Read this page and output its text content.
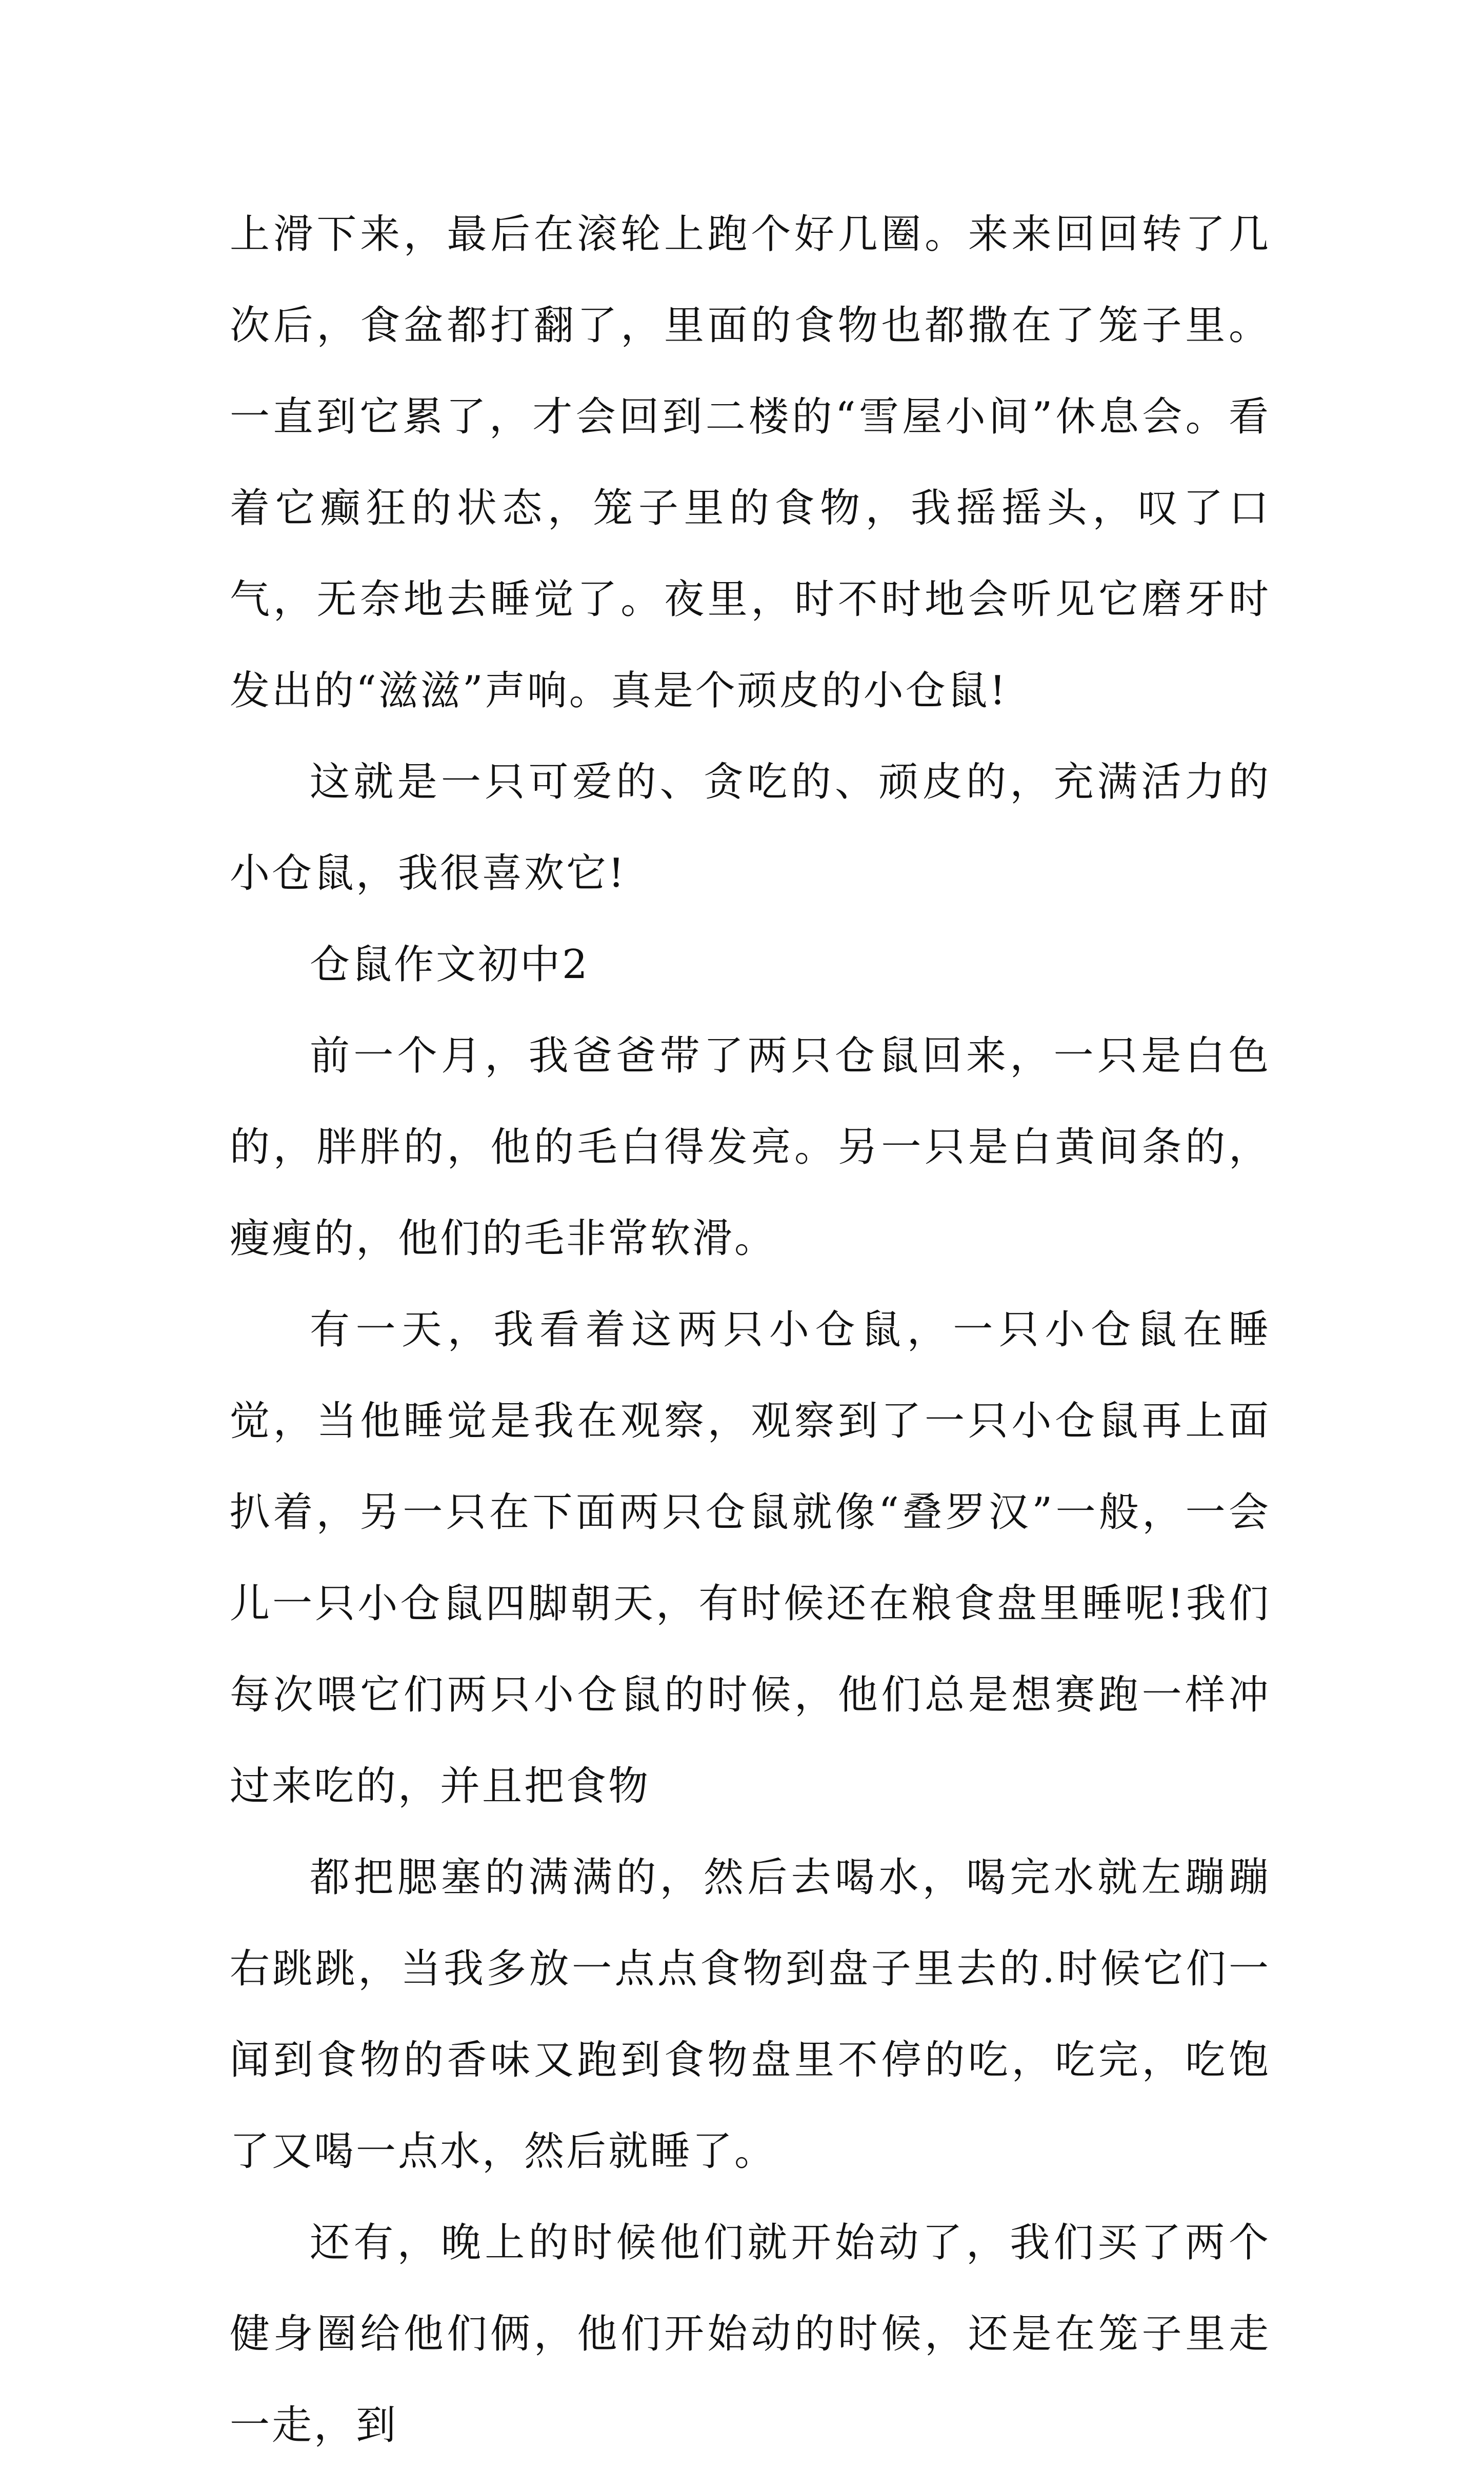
上滑下来，最后在滚轮上跑个好几圈。来来回回转了几次后，食盆都打翻了，里面的食物也都撒在了笼子里。一直到它累了，才会回到二楼的“雪屋小间”休息会。看着它癫狂的状态，笼子里的食物，我摇摇头，叹了口气，无奈地去睡觉了。夜里，时不时地会听见它磨牙时发出的“滋滋”声响。真是个顽皮的小仓鼠!

这就是一只可爱的、贪吃的、顽皮的，充满活力的小仓鼠，我很喜欢它!

仓鼠作文初中2

前一个月，我爸爸带了两只仓鼠回来，一只是白色的，胖胖的，他的毛白得发亮。另一只是白黄间条的，瘦瘦的，他们的毛非常软滑。

有一天，我看着这两只小仓鼠，一只小仓鼠在睡觉，当他睡觉是我在观察，观察到了一只小仓鼠再上面扒着，另一只在下面两只仓鼠就像“叠罗汉”一般，一会儿一只小仓鼠四脚朝天，有时候还在粮食盘里睡呢!我们每次喂它们两只小仓鼠的时候，他们总是想赛跑一样冲过来吃的，并且把食物

都把腮塞的满满的，然后去喝水，喝完水就左蹦蹦右跳跳，当我多放一点点食物到盘子里去的.时候它们一闻到食物的香味又跑到食物盘里不停的吃，吃完，吃饱了又喝一点水，然后就睡了。

还有，晚上的时候他们就开始动了，我们买了两个健身圈给他们俩，他们开始动的时候，还是在笼子里走一走，到
